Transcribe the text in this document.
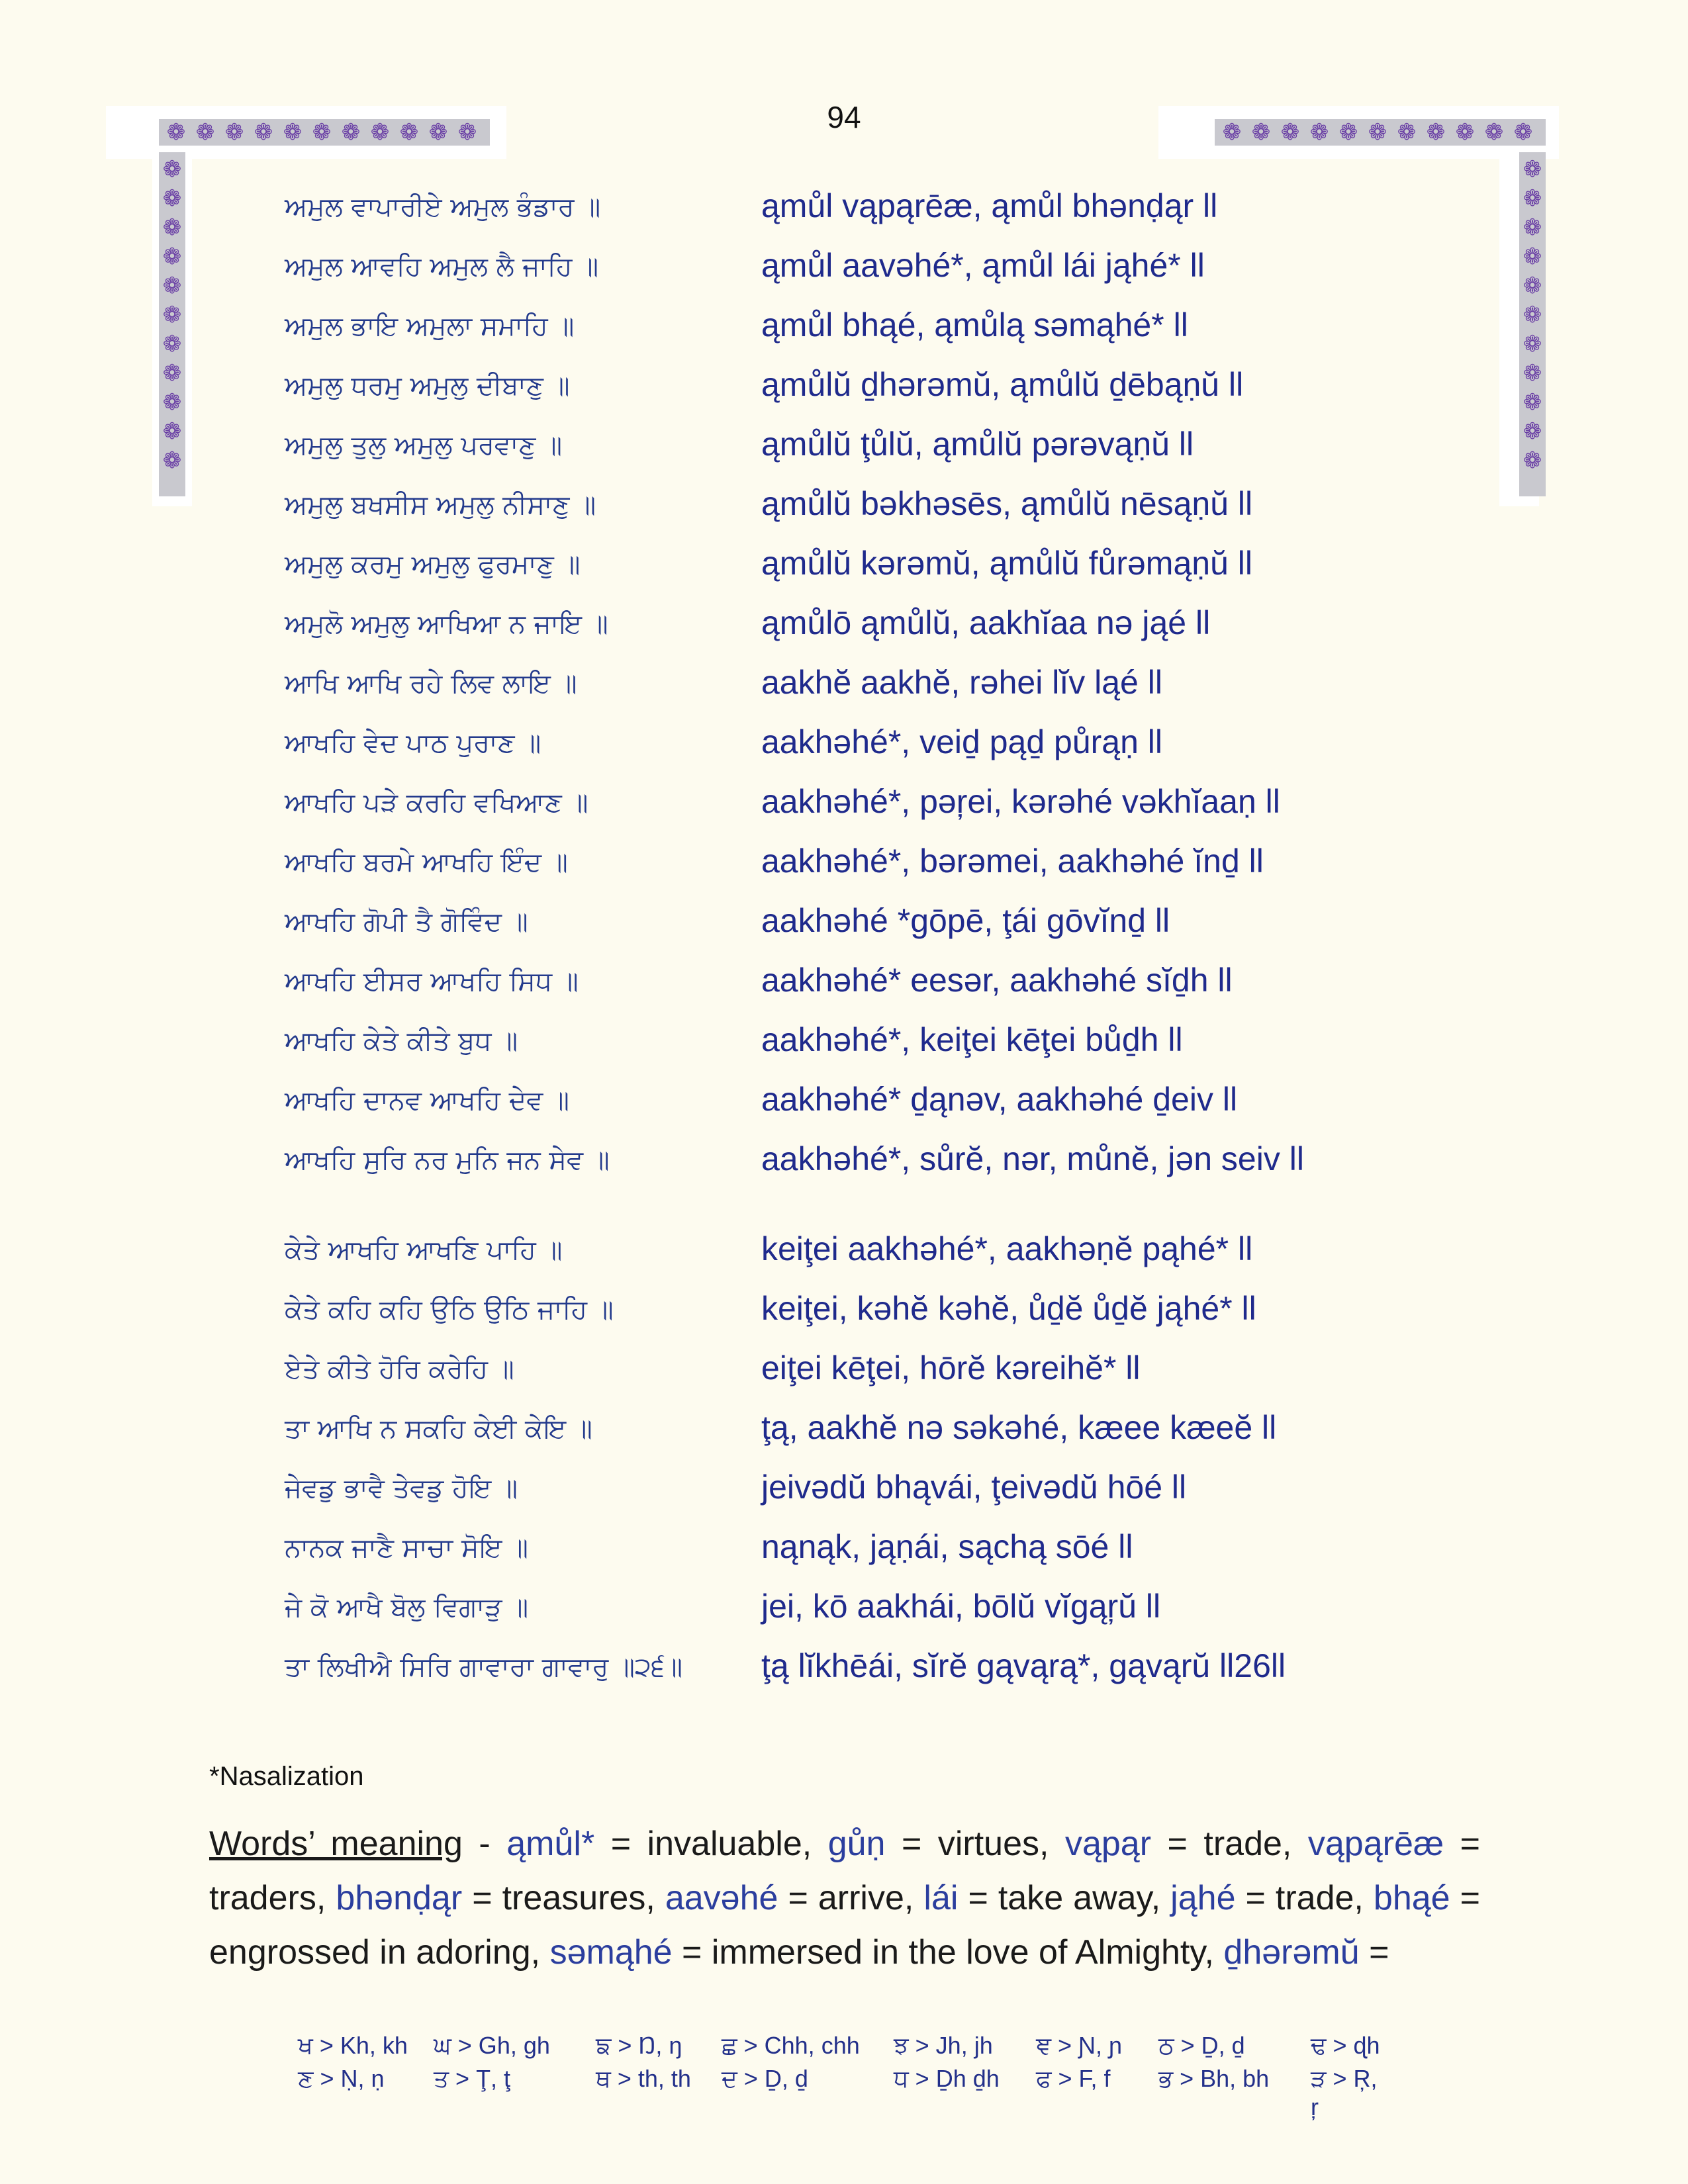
❁ ❁ ❁ ❁ ❁ ❁ ❁ ❁ ❁ ❁ ❁	❁ ❁ ❁ ❁ ❁ ❁ ❁ ❁ ❁ ❁ ❁
❁
❁
❁
❁
❁
❁
❁
❁
❁
❁
❁
❁
❁
❁
❁
❁
❁
❁
❁
❁
❁
❁
94
ਅਮੁਲ ਵਾਪਾਰੀਏ ਅਮੁਲ ਭੰਡਾਰ ॥	ąmůl vąpąrēæ, ąmůl bhənḍąr ll
ਅਮੁਲ ਆਵਹਿ ਅਮੁਲ ਲੈ ਜਾਹਿ ॥	ąmůl aavəhé*, ąmůl lái jąhé* ll
ਅਮੁਲ ਭਾਇ ਅਮੁਲਾ ਸਮਾਹਿ ॥	ąmůl bhąé, ąmůlą səmąhé* ll
ਅਮੁਲੁ ਧਰਮੁ ਅਮੁਲੁ ਦੀਬਾਣੁ ॥	ąmůlŭ ḏhərəmŭ, ąmůlŭ ḏēbąṇŭ ll
ਅਮੁਲੁ ਤੁਲੁ ਅਮੁਲੁ ਪਰਵਾਣੁ ॥	ąmůlŭ ţůlŭ, ąmůlŭ pərəvąṇŭ ll
ਅਮੁਲੁ ਬਖਸੀਸ ਅਮੁਲੁ ਨੀਸਾਣੁ ॥	ąmůlŭ bəkhəsēs, ąmůlŭ nēsąṇŭ ll
ਅਮੁਲੁ ਕਰਮੁ ਅਮੁਲੁ ਫੁਰਮਾਣੁ ॥	ąmůlŭ kərəmŭ, ąmůlŭ fůrəmąṇŭ ll
ਅਮੁਲੋ ਅਮੁਲੁ ਆਖਿਆ ਨ ਜਾਇ ॥	ąmůlō ąmůlŭ, aakhĭaa nə jąé ll
ਆਖਿ ਆਖਿ ਰਹੇ ਲਿਵ ਲਾਇ ॥	aakhĕ aakhĕ, rəhei lĭv ląé ll
ਆਖਹਿ ਵੇਦ ਪਾਠ ਪੁਰਾਣ ॥	aakhəhé*, veiḏ pąḏ půrąṇ ll
ਆਖਹਿ ਪੜੇ ਕਰਹਿ ਵਖਿਆਣ ॥	aakhəhé*, pəŗei, kərəhé vəkhĭaaṇ ll
ਆਖਹਿ ਬਰਮੇ ਆਖਹਿ ਇੰਦ ॥	aakhəhé*, bərəmei, aakhəhé ĭnḏ ll
ਆਖਹਿ ਗੋਪੀ ਤੈ ਗੋਵਿੰਦ ॥	aakhəhé *gōpē, ţái gōvĭnḏ ll
ਆਖਹਿ ਈਸਰ ਆਖਹਿ ਸਿਧ ॥	aakhəhé* eesər, aakhəhé sĭḏh ll
ਆਖਹਿ ਕੇਤੇ ਕੀਤੇ ਬੁਧ ॥	aakhəhé*, keiţei kēţei bůḏh ll
ਆਖਹਿ ਦਾਨਵ ਆਖਹਿ ਦੇਵ ॥	aakhəhé* ḏąnəv, aakhəhé ḏeiv ll
ਆਖਹਿ ਸੁਰਿ ਨਰ ਮੁਨਿ ਜਨ ਸੇਵ ॥	aakhəhé*, sůrĕ, nər, můnĕ, jən seiv ll
ਕੇਤੇ ਆਖਹਿ ਆਖਣਿ ਪਾਹਿ ॥	keiţei aakhəhé*, aakhəṇĕ pąhé* ll
ਕੇਤੇ ਕਹਿ ਕਹਿ ਉਠਿ ਉਠਿ ਜਾਹਿ ॥	keiţei, kəhĕ kəhĕ, ůḏĕ ůḏĕ jąhé* ll
ਏਤੇ ਕੀਤੇ ਹੋਰਿ ਕਰੇਹਿ ॥	eiţei kēţei, hōrĕ kəreihĕ* ll
ਤਾ ਆਖਿ ਨ ਸਕਹਿ ਕੇਈ ਕੇਇ ॥	ţą, aakhĕ nə səkəhé, kæee kæeĕ ll
ਜੇਵਡੁ ਭਾਵੈ ਤੇਵਡੁ ਹੋਇ ॥	jeivədŭ bhąvái, ţeivədŭ hōé ll
ਨਾਨਕ ਜਾਣੈ ਸਾਚਾ ਸੋਇ ॥	nąnąk, jąṇái, sąchą sōé ll
ਜੇ ਕੋ ਆਖੈ ਬੋਲੁ ਵਿਗਾੜੁ ॥	jei, kō aakhái, bōlŭ vĭgąŗŭ ll
ਤਾ ਲਿਖੀਐ ਸਿਰਿ ਗਾਵਾਰਾ ਗਾਵਾਰੁ ॥੨੬॥	ţą lĭkhēái, sĭrĕ gąvąrą*, gąvąrŭ ll26ll
*Nasalization
Words’ meaning - ąmůl* = invaluable, gůṇ = virtues, vąpąr = trade, vąpąrēæ = traders, bhənḍąr = treasures, aavəhé = arrive, lái = take away, jąhé = trade, bhąé = engrossed in adoring, səmąhé = immersed in the love of Almighty, ḏhərəmŭ =
ਖ > Kh, kh	ਘ > Gh, gh	ਙ > Ŋ, ŋ	ਛ > Chh, chh	ਝ > Jh, jh	ਞ > Ɲ, ɲ	ਠ > Ḏ, ḏ	ਢ > ɖh
ਣ > Ṇ, ṇ	ਤ > Ţ, ţ	ਥ > th, th	ਦ > Ḏ, ḏ	ਧ > Ḏh ḏh	ਫ > F, f	ਭ > Bh, bh	ੜ > Ŗ, ŗ
